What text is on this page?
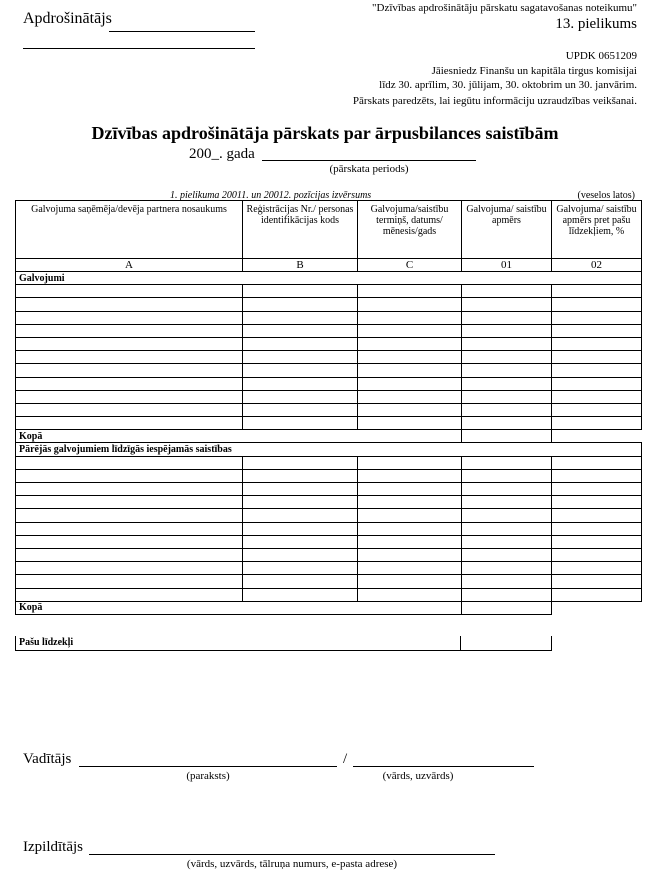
Apdrošinātājs
"Dzīvības apdrošinātāju pārskatu sagatavošanas noteikumu"
13. pielikums
UPDK 0651209
Jāiesniedz Finanšu un kapitāla tirgus komisijai
līdz 30. aprīlim, 30. jūlijam, 30. oktobrim un 30. janvārim.
Pārskats paredzēts, lai iegūtu informāciju uzraudzības veikšanai.
Dzīvības apdrošinātāja pārskats par ārpusbilances saistībām
200_. gada
(pārskata periods)
1. pielikuma 20011. un 20012. pozīcijas izvērsums	(veselos latos)
Galvojuma saņēmēja/devēja partnera nosaukums	Reģistrācijas Nr./ personas identifikācijas kods	Galvojuma/saistību termiņš, datums/ mēnesis/gads	Galvojuma/ saistību apmērs	Galvojuma/ saistību apmērs pret pašu līdzekļiem, %
A	B	C	01	02
Galvojumi				

Kopā				
Pārējās galvojumiem līdzīgās iespējamās saistības				

Kopā				
Pašu līdzekļi
Vadītājs	/
(paraksts)	(vārds, uzvārds)
Izpildītājs
(vārds, uzvārds, tālruņa numurs, e-pasta adrese)
